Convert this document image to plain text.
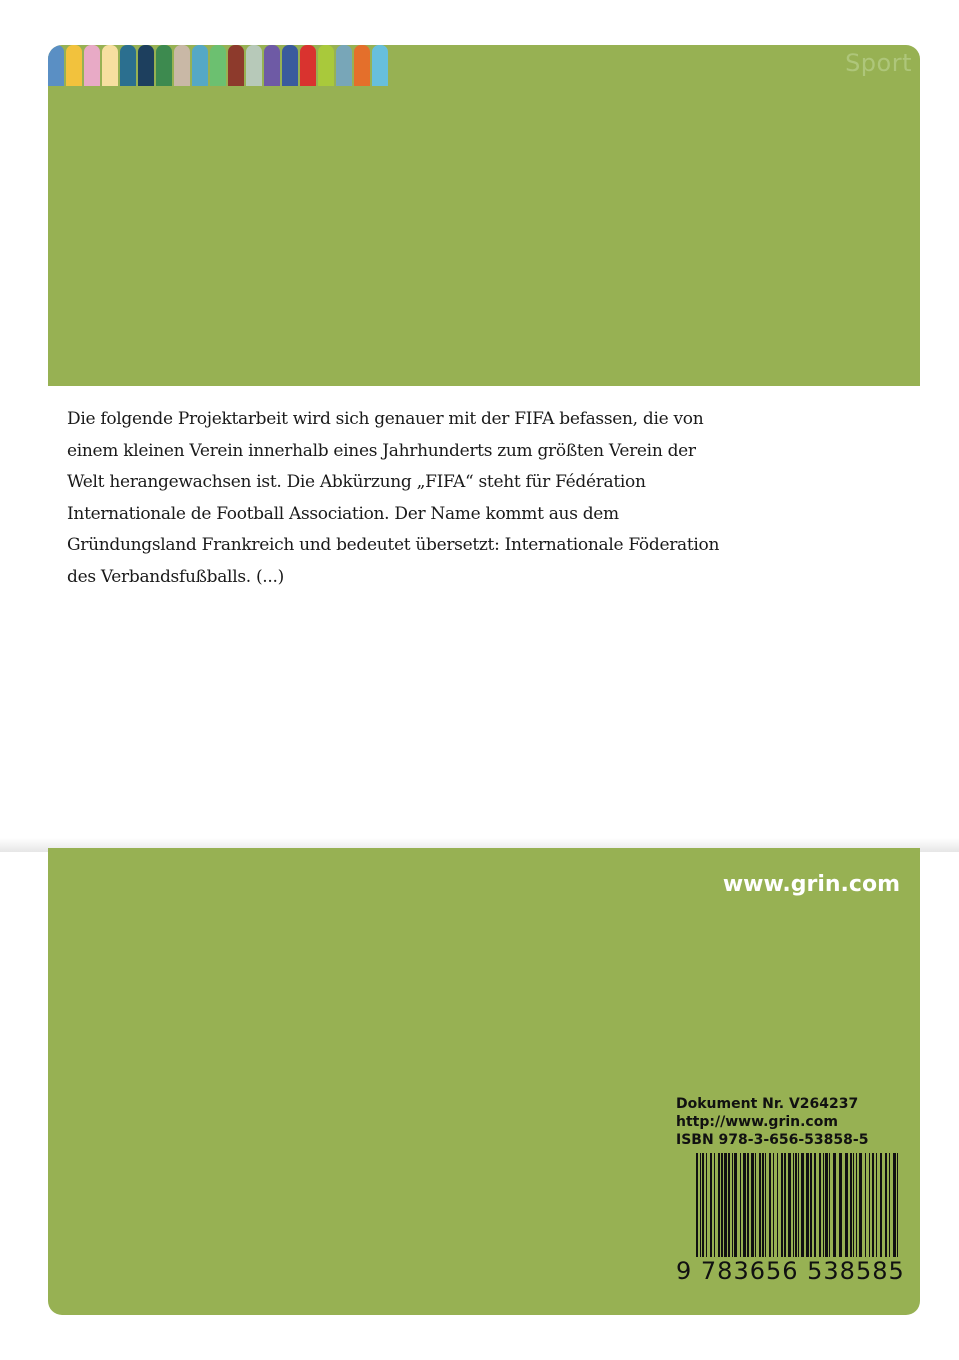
Sport
Die folgende Projektarbeit wird sich genauer mit der FIFA befassen, die von
einem kleinen Verein innerhalb eines Jahrhunderts zum größten Verein der
Welt herangewachsen ist. Die Abkürzung „FIFA“ steht für Fédération
Internationale de Football Association. Der Name kommt aus dem
Gründungsland Frankreich und bedeutet übersetzt: Internationale Föderation
des Verbandsfußballs. (...)
www.grin.com
Dokument Nr. V264237
http://www.grin.com
ISBN 978-3-656-53858-5
9 783656 538585
